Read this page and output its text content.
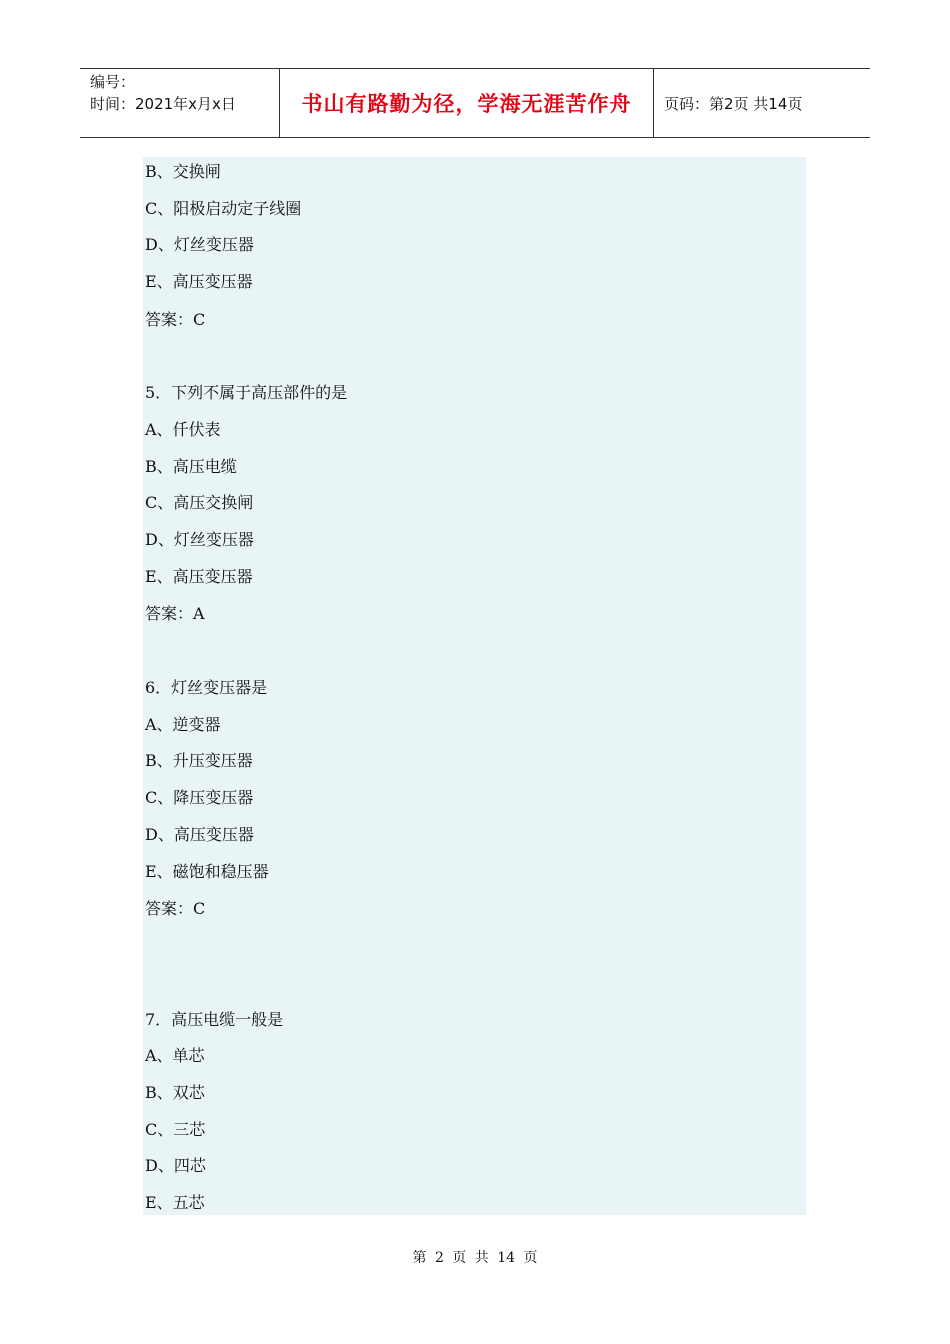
编号：
时间：2021年x月x日	书山有路勤为径，学海无涯苦作舟 页码：第2页 共14页
B、交换闸
C、阳极启动定子线圈
D、灯丝变压器
E、高压变压器
答案：C
5．下列不属于高压部件的是
A、仟伏表
B、高压电缆
C、高压交换闸
D、灯丝变压器
E、高压变压器
答案：A
6．灯丝变压器是
A、逆变器
B、升压变压器
C、降压变压器
D、高压变压器
E、磁饱和稳压器
答案：C
7．高压电缆一般是
A、单芯
B、双芯
C、三芯
D、四芯
E、五芯
第 2 页 共 14 页
